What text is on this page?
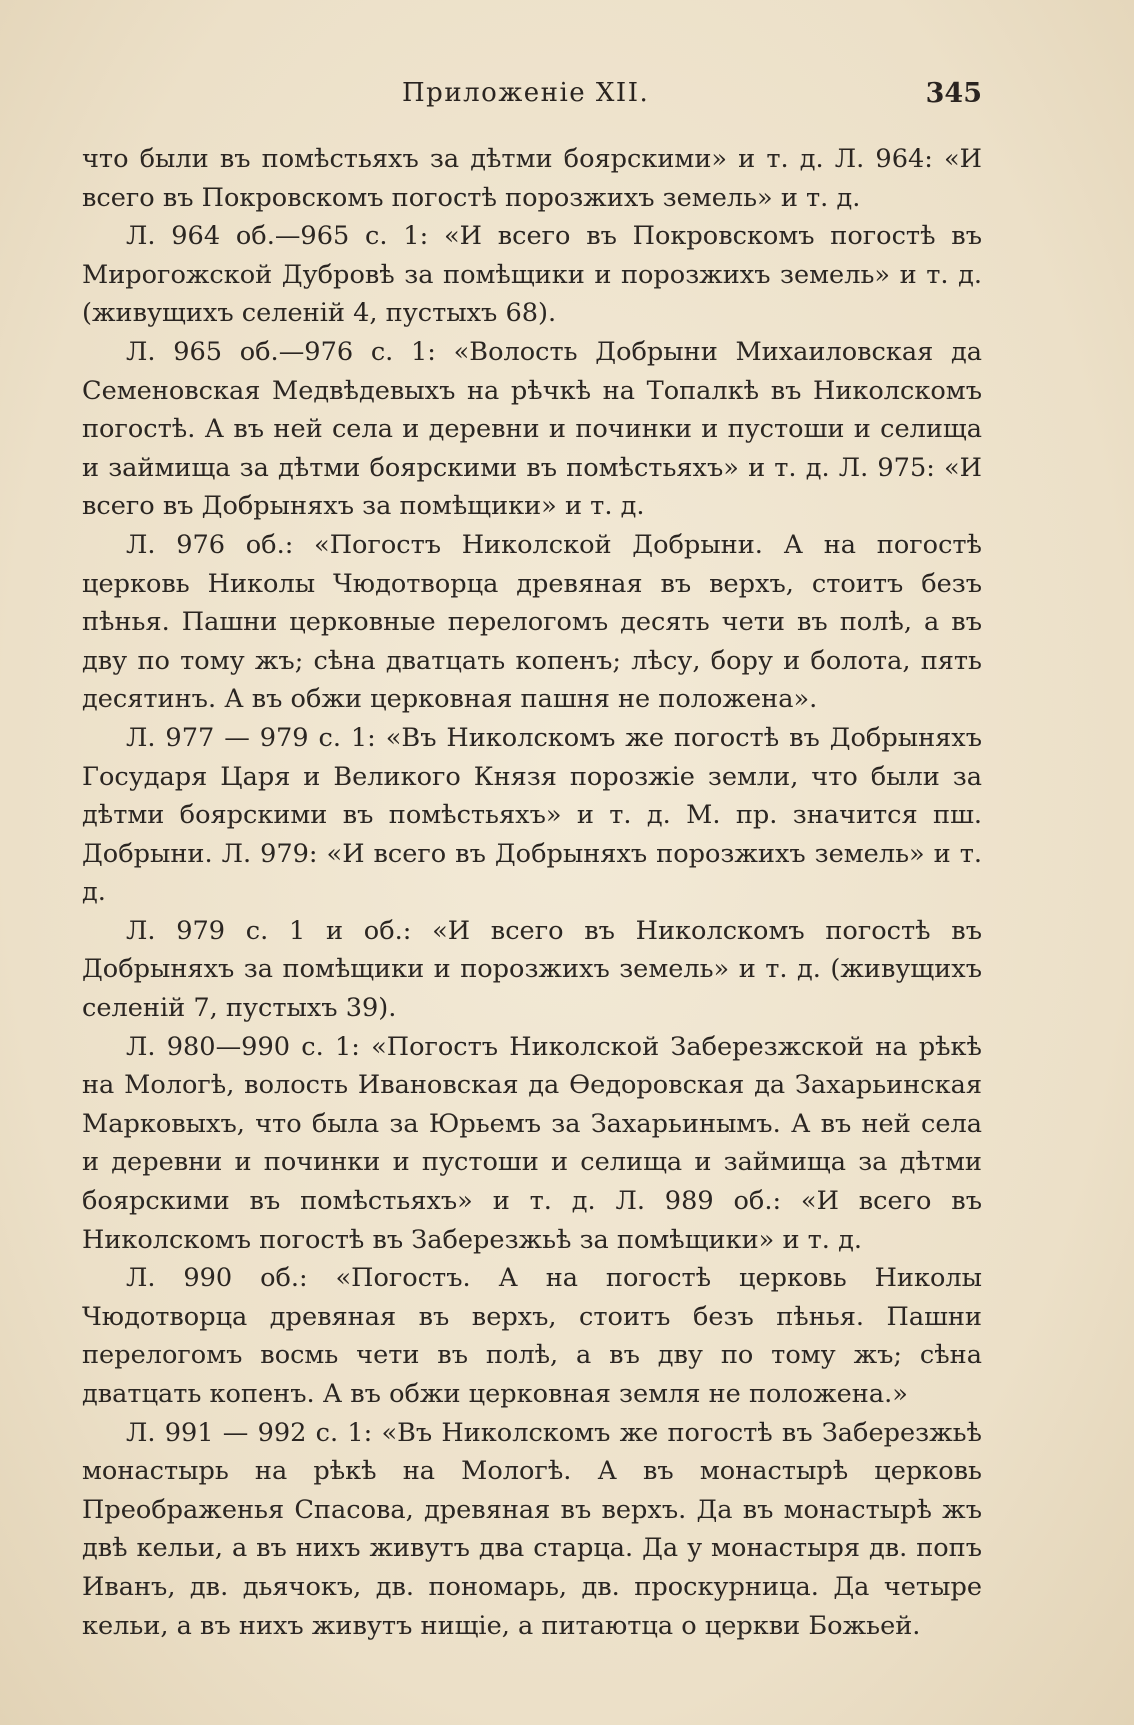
Приложенiе XII.	345

что были въ помѣстьяхъ за дѣтми боярскими» и т. д. Л. 964: «И всего въ Покровскомъ погостѣ порозжихъ земель» и т. д.

Л. 964 об.—965 с. 1: «И всего въ Покровскомъ погостѣ въ Мирогожской Дубровѣ за помѣщики и порозжихъ земель» и т. д. (живущихъ селенiй 4, пустыхъ 68).

Л. 965 об.—976 с. 1: «Волость Добрыни Михаиловская да Семеновская Медвѣдевыхъ на рѣчкѣ на Топалкѣ въ Николскомъ погостѣ. А въ ней села и деревни и починки и пустоши и селища и займища за дѣтми боярскими въ помѣстьяхъ» и т. д. Л. 975: «И всего въ Добрыняхъ за помѣщики» и т. д.

Л. 976 об.: «Погостъ Николской Добрыни. А на погостѣ церковь Николы Чюдотворца древяная въ верхъ, стоитъ безъ пѣнья. Пашни церковные перелогомъ десять чети въ полѣ, а въ дву по тому жъ; сѣна дватцать копенъ; лѣсу, бору и болота, пять десятинъ. А въ обжи церковная пашня не положена».

Л. 977 — 979 с. 1: «Въ Николскомъ же погостѣ въ Добрыняхъ Государя Царя и Великого Князя порозжiе земли, что были за дѣтми боярскими въ помѣстьяхъ» и т. д. М. пр. значится пш. Добрыни. Л. 979: «И всего въ Добрыняхъ порозжихъ земель» и т. д.

Л. 979 с. 1 и об.: «И всего въ Николскомъ погостѣ въ Добрыняхъ за помѣщики и порозжихъ земель» и т. д. (живущихъ селенiй 7, пустыхъ 39).

Л. 980—990 с. 1: «Погостъ Николской Заберезжской на рѣкѣ на Мологѣ, волость Ивановская да Ѳедоровская да Захарьинская Марковыхъ, что была за Юрьемъ за Захарьинымъ. А въ ней села и деревни и починки и пустоши и селища и займища за дѣтми боярскими въ помѣстьяхъ» и т. д. Л. 989 об.: «И всего въ Николскомъ погостѣ въ Заберезжьѣ за помѣщики» и т. д.

Л. 990 об.: «Погостъ. А на погостѣ церковь Николы Чюдотворца древяная въ верхъ, стоитъ безъ пѣнья. Пашни перелогомъ восмь чети въ полѣ, а въ дву по тому жъ; сѣна дватцать копенъ. А въ обжи церковная земля не положена.»

Л. 991 — 992 с. 1: «Въ Николскомъ же погостѣ въ Заберезжьѣ монастырь на рѣкѣ на Мологѣ. А въ монастырѣ церковь Преображенья Спасова, древяная въ верхъ. Да въ монастырѣ жъ двѣ кельи, а въ нихъ живутъ два старца. Да у монастыря дв. попъ Иванъ, дв. дьячокъ, дв. пономарь, дв. проскурница. Да четыре кельи, а въ нихъ живутъ нищiе, а питаютца о церкви Божьей.
